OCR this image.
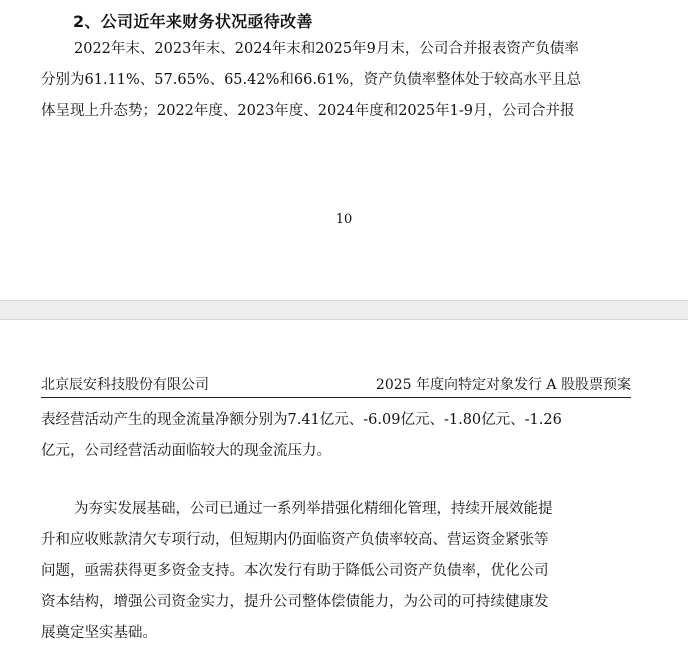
2、公司近年来财务状况亟待改善
2022年末、2023年末、2024年末和2025年9月末，公司合并报表资产负债率
分别为61.11%、57.65%、65.42%和66.61%，资产负债率整体处于较高水平且总
体呈现上升态势；2022年度、2023年度、2024年度和2025年1-9月，公司合并报
10
北京辰安科技股份有限公司	2025 年度向特定对象发行 A 股股票预案
表经营活动产生的现金流量净额分别为7.41亿元、-6.09亿元、-1.80亿元、-1.26
亿元，公司经营活动面临较大的现金流压力。
为夯实发展基础，公司已通过一系列举措强化精细化管理，持续开展效能提
升和应收账款清欠专项行动，但短期内仍面临资产负债率较高、营运资金紧张等
问题，亟需获得更多资金支持。本次发行有助于降低公司资产负债率，优化公司
资本结构，增强公司资金实力，提升公司整体偿债能力，为公司的可持续健康发
展奠定坚实基础。
